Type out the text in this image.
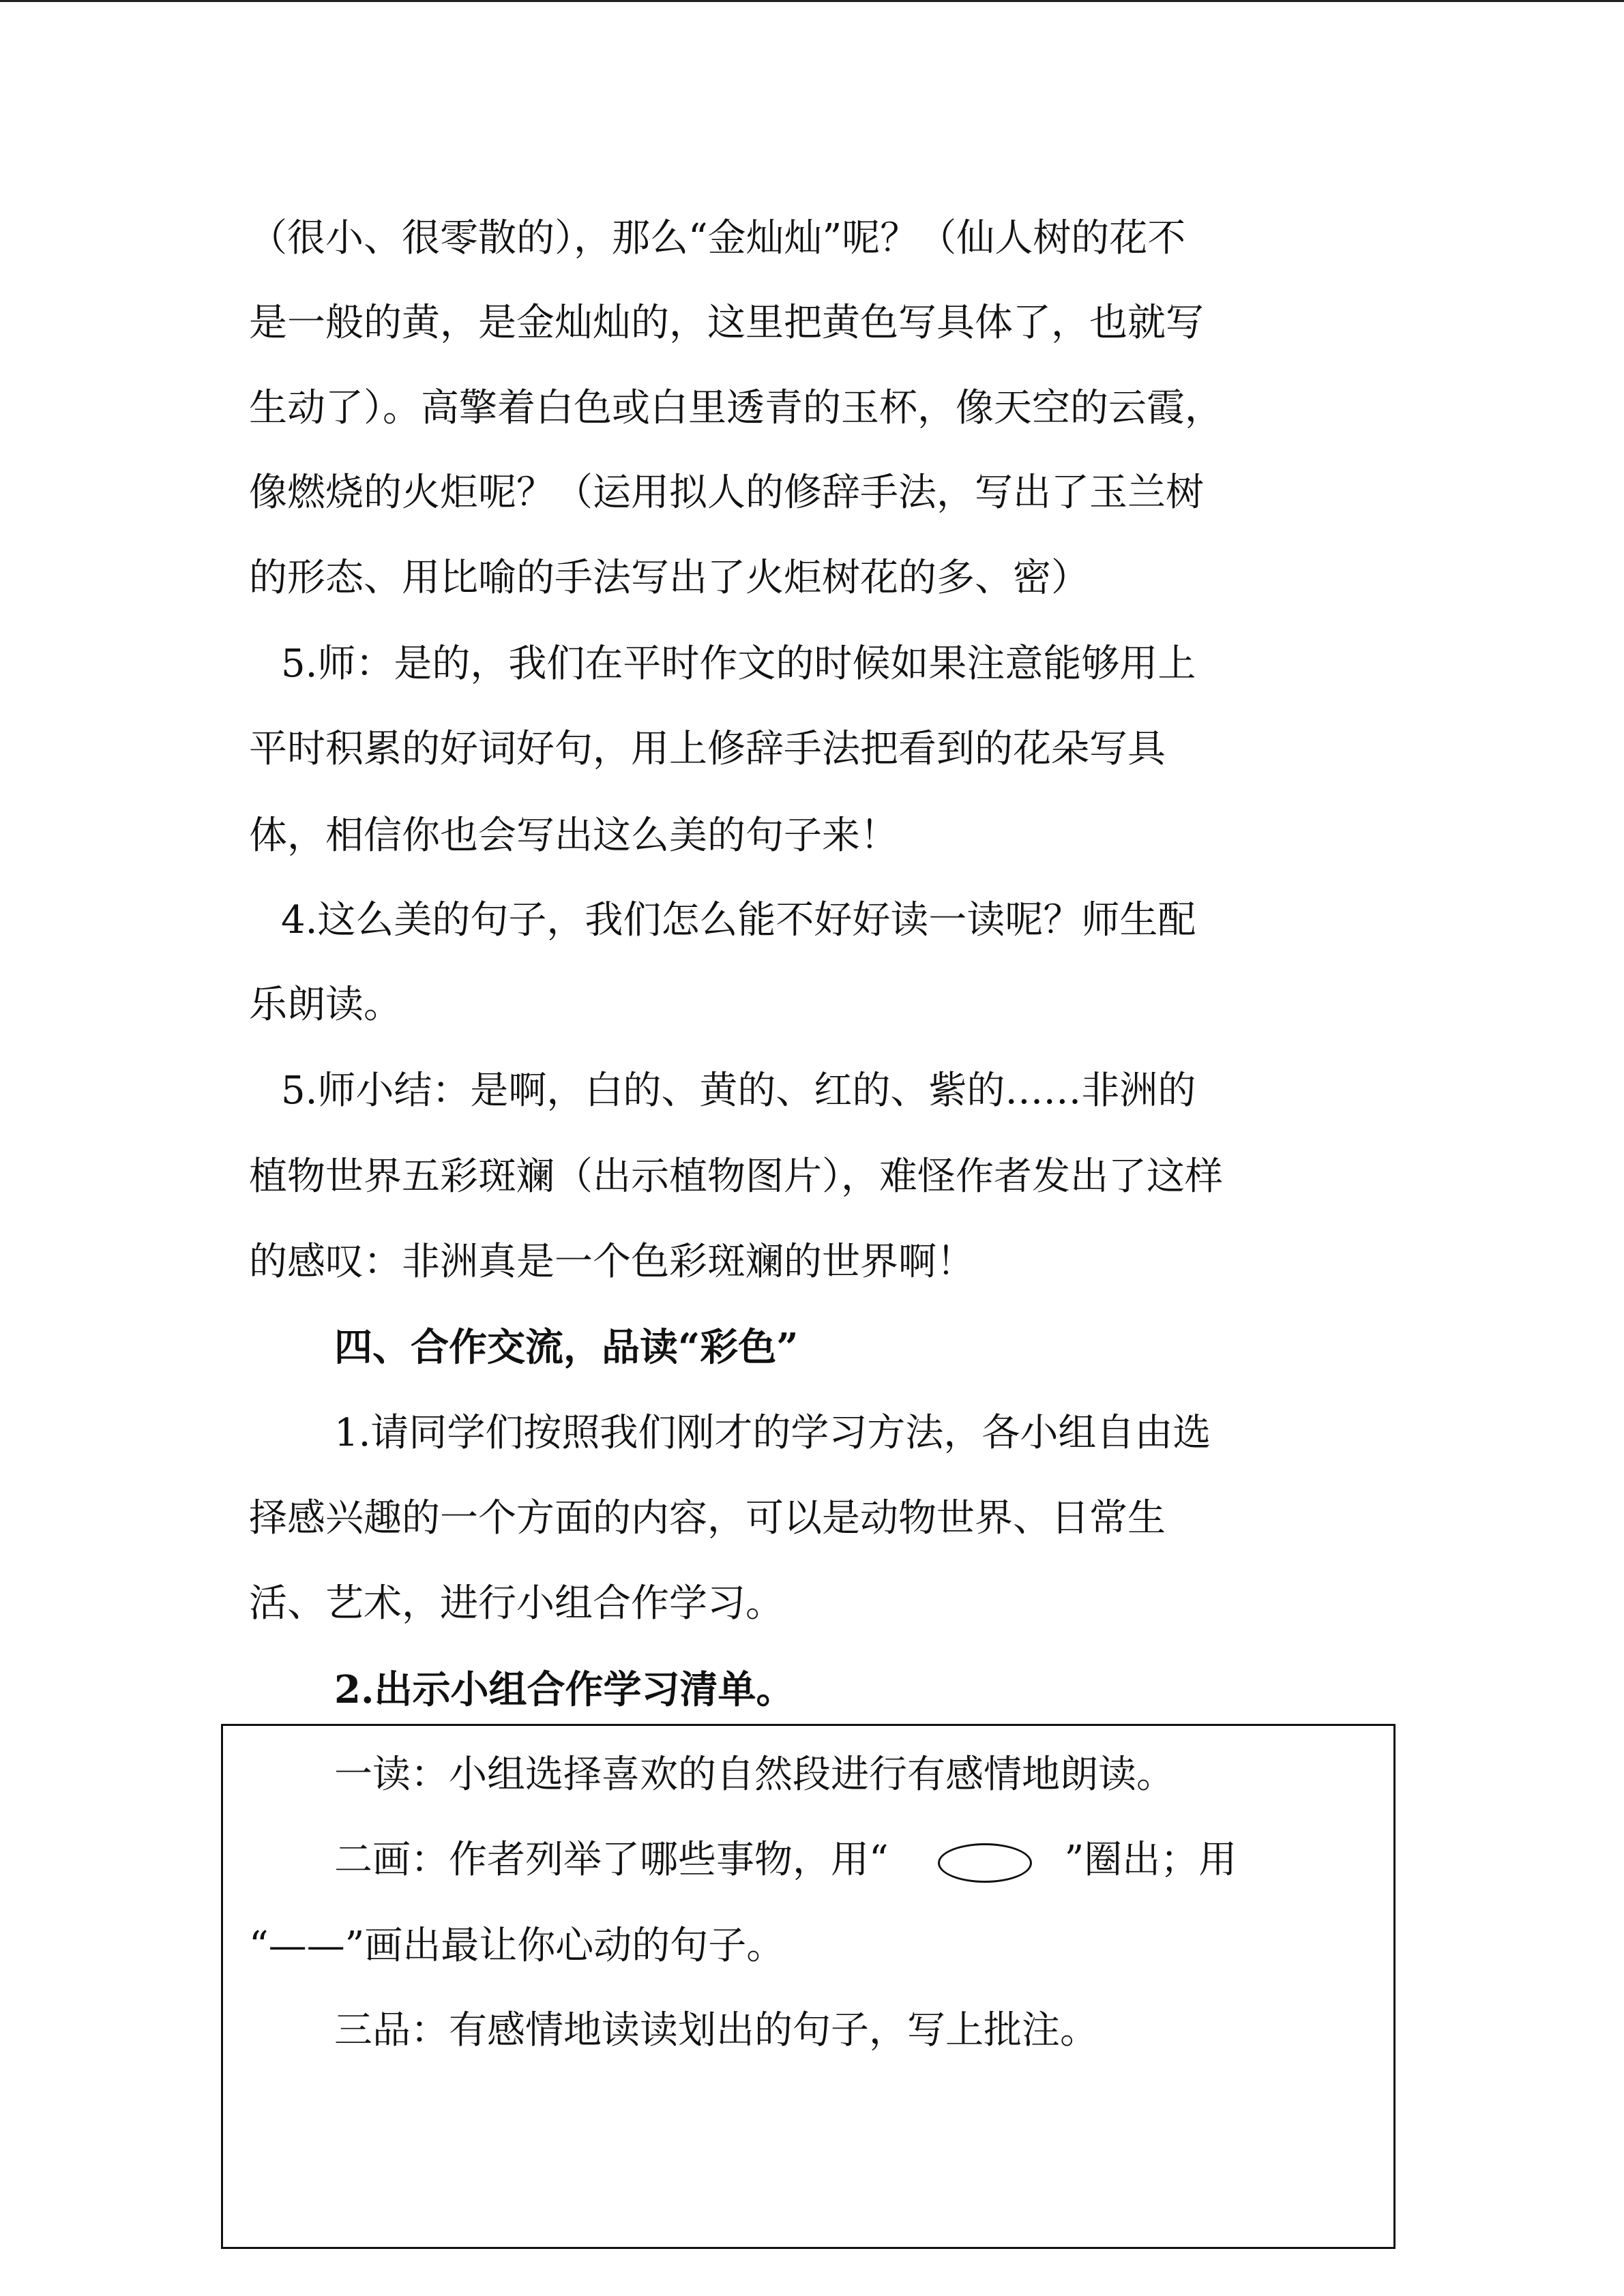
（很小、很零散的），那么“金灿灿”呢？（仙人树的花不
是一般的黄，是金灿灿的，这里把黄色写具体了，也就写
生动了）。高擎着白色或白里透青的玉杯，像天空的云霞，
像燃烧的火炬呢？（运用拟人的修辞手法，写出了玉兰树
的形态、用比喻的手法写出了火炬树花的多、密）
5.师：是的，我们在平时作文的时候如果注意能够用上
平时积累的好词好句，用上修辞手法把看到的花朵写具
体，相信你也会写出这么美的句子来！
4.这么美的句子，我们怎么能不好好读一读呢？师生配
乐朗读。
5.师小结：是啊，白的、黄的、红的、紫的……非洲的
植物世界五彩斑斓（出示植物图片），难怪作者发出了这样
的感叹：非洲真是一个色彩斑斓的世界啊！
四、合作交流，品读“彩色”
1.请同学们按照我们刚才的学习方法，各小组自由选
择感兴趣的一个方面的内容，可以是动物世界、日常生
活、艺术，进行小组合作学习。
2.出示小组合作学习清单。
一读：小组选择喜欢的自然段进行有感情地朗读。
二画：作者列举了哪些事物，用“	”圈出；用
“——”画出最让你心动的句子。
三品：有感情地读读划出的句子，写上批注。
